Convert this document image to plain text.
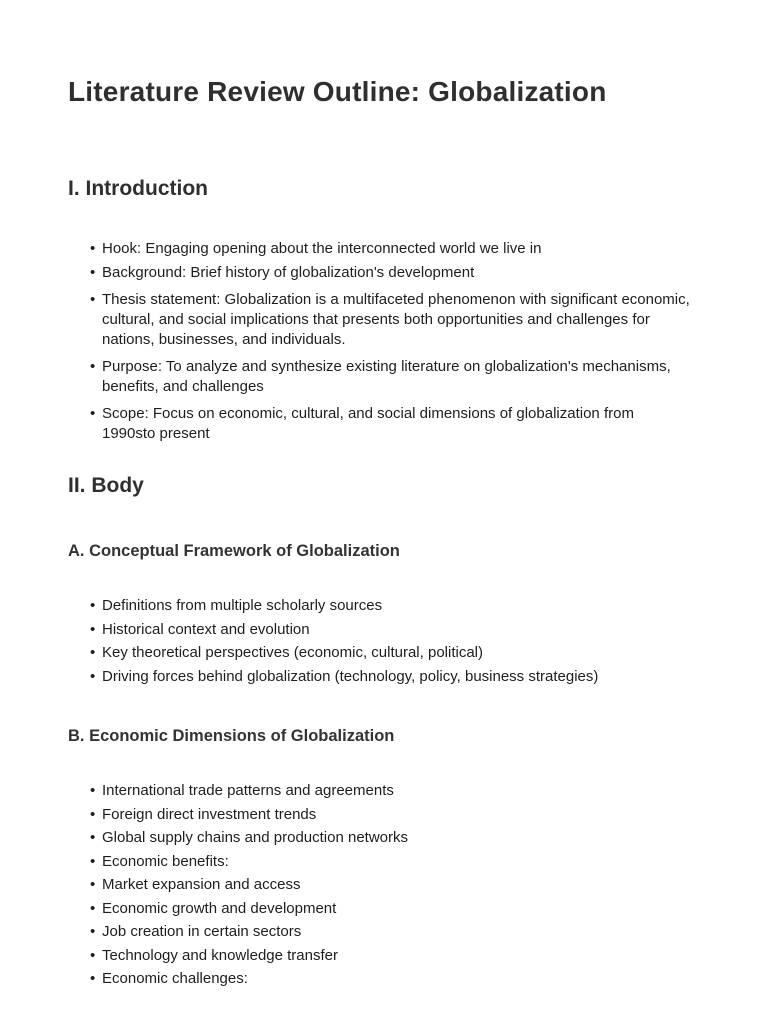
Literature Review Outline: Globalization
I. Introduction
• Hook: Engaging opening about the interconnected world we live in
• Background: Brief history of globalization's development
• Thesis statement: Globalization is a multifaceted phenomenon with significant economic, cultural, and social implications that presents both opportunities and challenges for nations, businesses, and individuals.
• Purpose: To analyze and synthesize existing literature on globalization's mechanisms, benefits, and challenges
• Scope: Focus on economic, cultural, and social dimensions of globalization from 1990sto present
II. Body
A. Conceptual Framework of Globalization
• Definitions from multiple scholarly sources
• Historical context and evolution
• Key theoretical perspectives (economic, cultural, political)
• Driving forces behind globalization (technology, policy, business strategies)
B. Economic Dimensions of Globalization
• International trade patterns and agreements
• Foreign direct investment trends
• Global supply chains and production networks
• Economic benefits:
• Market expansion and access
• Economic growth and development
• Job creation in certain sectors
• Technology and knowledge transfer
• Economic challenges:
